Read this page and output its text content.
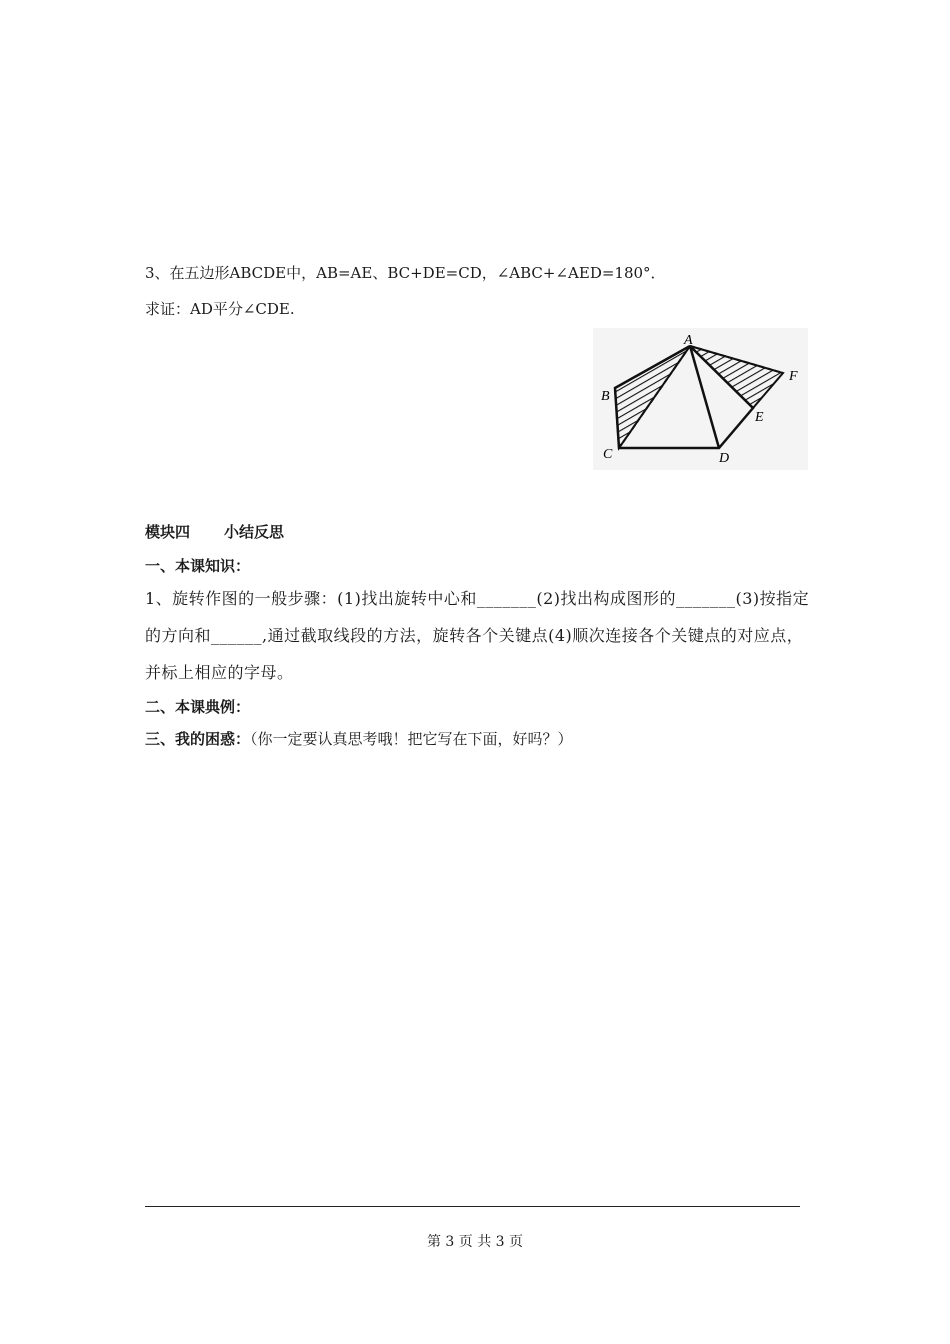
3、在五边形ABCDE中，AB=AE、BC+DE=CD，∠ABC+∠AED=180°．
求证：AD平分∠CDE.
A
B
C	D
E
F
模块四 小结反思
一、本课知识：
1、旋转作图的一般步骤：(1)找出旋转中心和_______(2)找出构成图形的_______(3)按指定
的方向和______,通过截取线段的方法，旋转各个关键点(4)顺次连接各个关键点的对应点，
并标上相应的字母。
二、本课典例：
三、我的困惑：（你一定要认真思考哦！把它写在下面，好吗？）
第 3 页 共 3 页
